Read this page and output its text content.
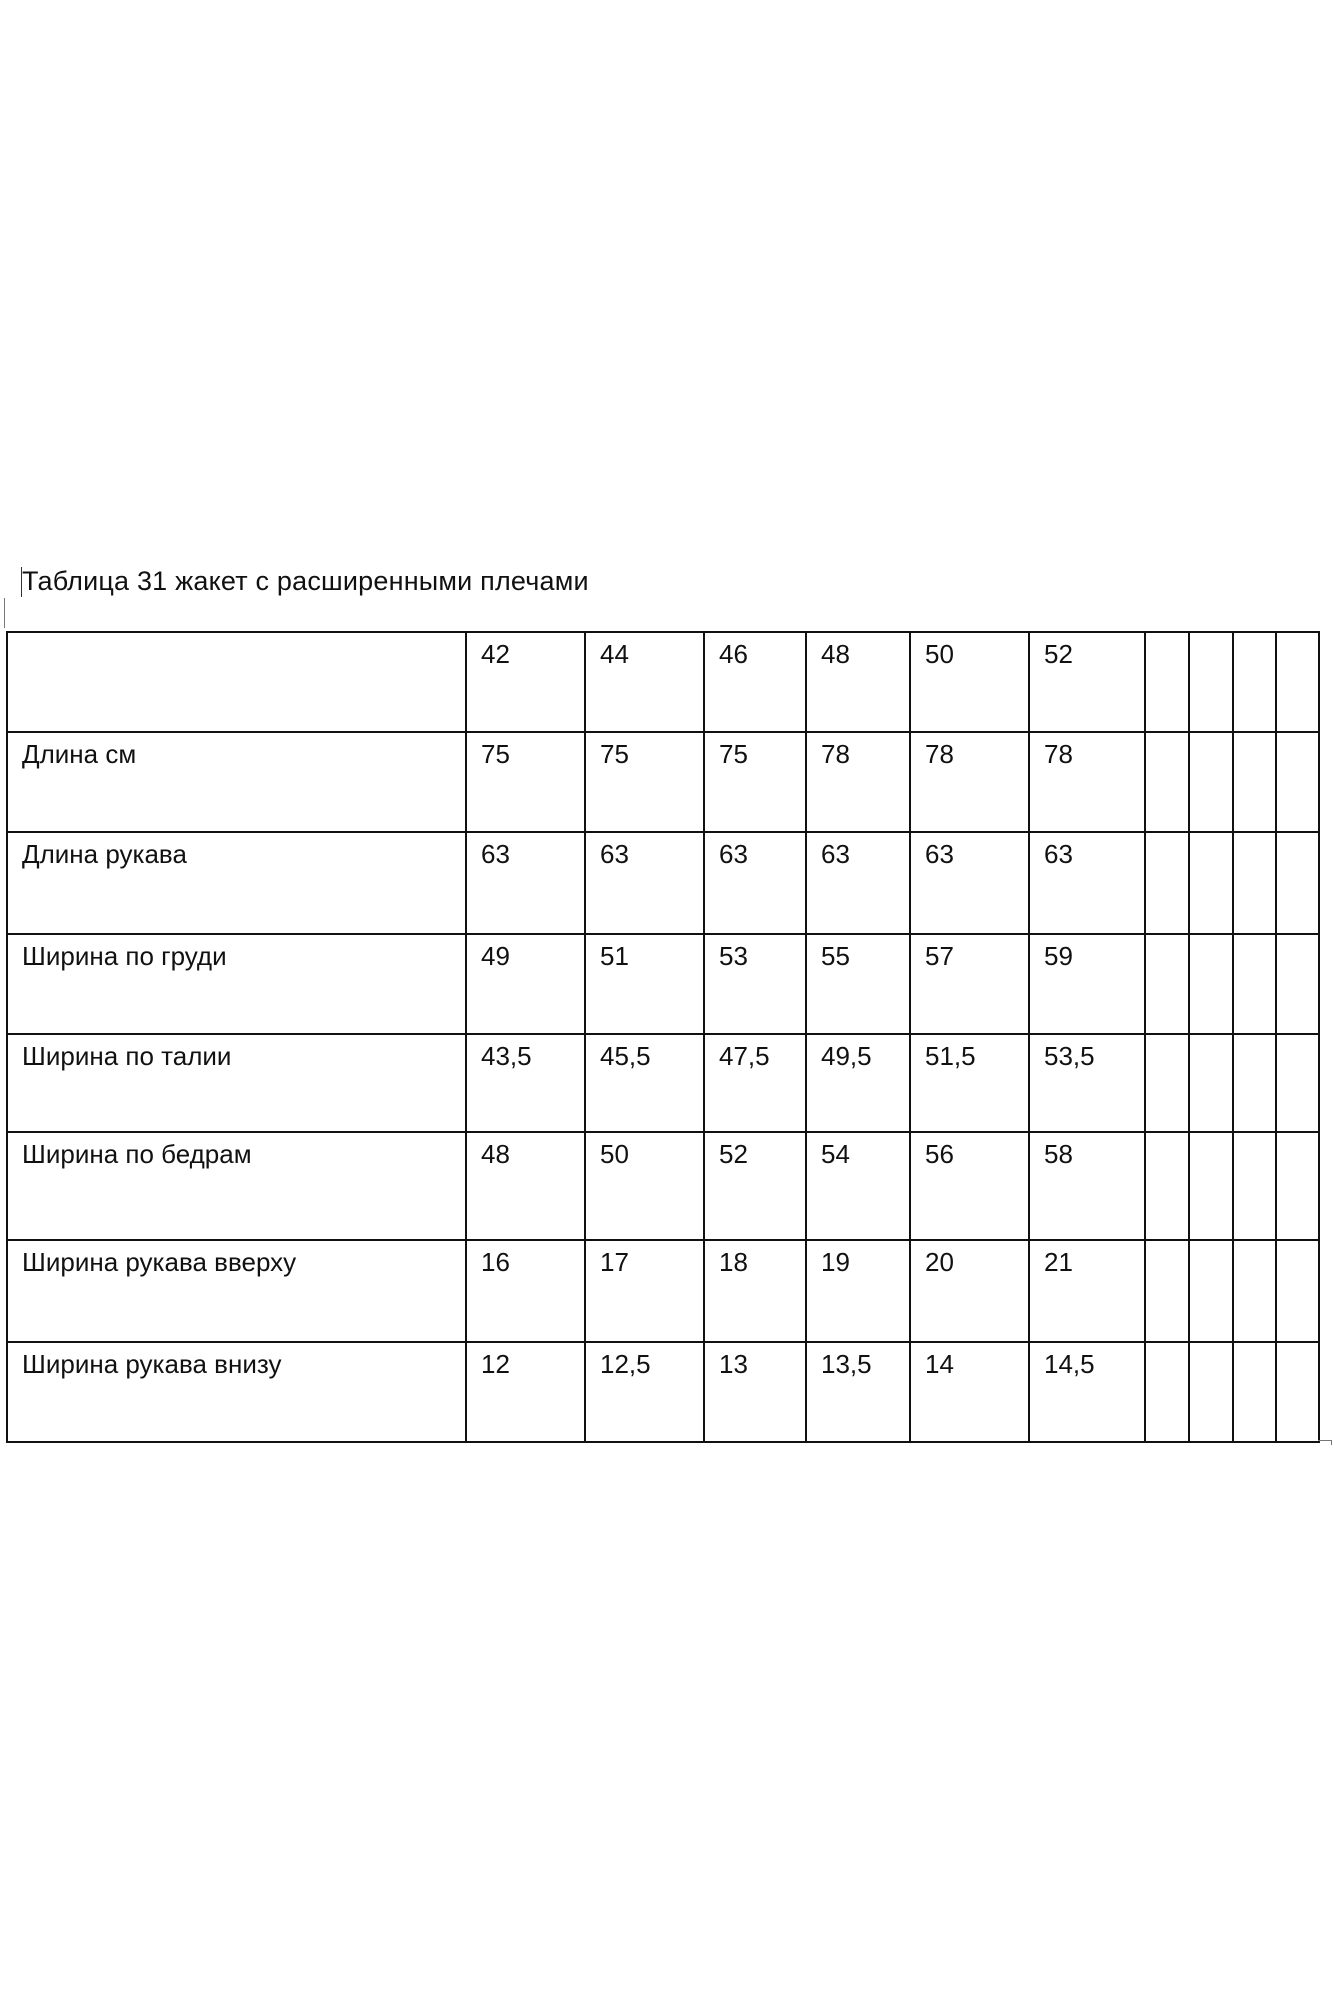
Таблица 31 жакет с расширенными плечами
	42	44	46	48	50	52				
Длина см	75	75	75	78	78	78				
Длина рукава	63	63	63	63	63	63				
Ширина по груди	49	51	53	55	57	59				
Ширина по талии	43,5	45,5	47,5	49,5	51,5	53,5				
Ширина по бедрам	48	50	52	54	56	58				
Ширина рукава вверху	16	17	18	19	20	21				
Ширина рукава внизу	12	12,5	13	13,5	14	14,5				
